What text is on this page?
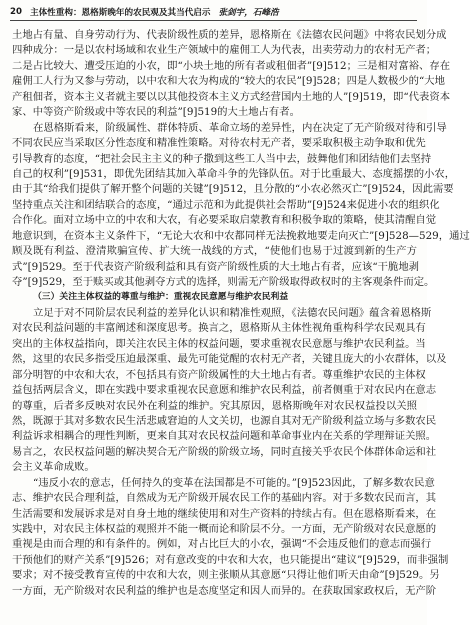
20 主体性重构：恩格斯晚年的农民观及其当代启示 张剑宇，石峰浩
土地占有量、自身劳动行为、代表阶级性质的差异，恩格斯在《法德农民问题》中将农民划分成
四种成分：一是以农村场域和农业生产领域中的雇佣工人为代表，出卖劳动力的农村无产者；
二是占比较大、遭受压迫的小农，即“小块土地的所有者或租佃者”[9]512；三是相对富裕、存在
雇佣工人行为又参与劳动，以中农和大农为构成的“较大的农民”[9]528；四是人数极少的“大地
产租佃者，资本主义者就主要以以其他投资本主义方式经营国内土地的人”[9]519，即“代表资本
家、中等资产阶级或中等农民的利益”[9]519的大土地占有者。
在恩格斯看来，阶级属性、群体特质、革命立场的差异性，内在决定了无产阶级对待和引导
不同农民应当采取区分性态度和精准性策略。对待农村无产者，要采取积极主动争取和优先
引导教育的态度，“把社会民主主义的种子撒到这些工人当中去，鼓舞他们和团结他们去坚持
自己的权利”[9]531，即优先团结其加入革命斗争的先锋队伍。对于比重最大、态度摇摆的小农，
由于其“给我们提供了解开整个问题的关键”[9]512，且分散的“小农必然灭亡”[9]524，因此需要
坚持重点关注和团结联合的态度，“通过示范和为此提供社会帮助”[9]524来促进小农的组织化
合作化。面对立场中立的中农和大农，有必要采取启蒙教育和积极争取的策略，使其清醒自觉
地意识到，在资本主义条件下，“无论大农和中农都同样无法挽救地要走向灭亡”[9]528—529，通过
顾及既有利益、澄清欺骗宣传、扩大统一战线的方式，“使他们也易于过渡到新的生产方
式”[9]529。至于代表资产阶级利益和具有资产阶级性质的大土地占有者，应该“干脆地剥
夺”[9]529，至于赎买或其他剥夺方式的选择，则需无产阶级取得政权时的主客观条件而定。
（三）关注主体权益的尊重与维护：重视农民意愿与维护农民利益
立足于对不同阶层农民利益的差异化认识和精准性观照，《法德农民问题》蕴含着恩格斯
对农民利益问题的丰富阐述和深度思考。换言之，恩格斯从主体性视角重构科学农民观具有
突出的主体权益指向，即关注农民主体的权益问题，要求重视农民意愿与维护农民利益。当
然，这里的农民多指受压迫最深重、最先可能觉醒的农村无产者，关键且庞大的小农群体，以及
部分明智的中农和大农，不包括具有资产阶级属性的大土地占有者。尊重维护农民的主体权
益包括两层含义，即在实践中要求重视农民意愿和维护农民利益，前者侧重于对农民内在意志
的尊重，后者多反映对农民外在利益的维护。究其原因，恩格斯晚年对农民权益投以关照
然，既源于其对多数农民生活悲戚窘迫的人文关切，也源自其对无产阶级利益立场与多数农民
利益诉求相耦合的理性判断，更来自其对农民权益问题和革命事业内在关系的学理辩证关照。
易言之，农民权益问题的解决契合无产阶级的阶级立场，同时直接关乎农民个体群体命运和社
会主义革命成败。
“违反小农的意志，任何持久的变革在法国都是不可能的。”[9]523因此，了解多数农民意
志、维护农民合理利益，自然成为无产阶级开展农民工作的基础内容。对于多数农民而言，其
生活需要和发展诉求是对自身土地的继续使用和对生产资料的持续占有。但在恩格斯看来，在
实践中，对农民主体权益的观照并不能一概而论和阶层不分。一方面，无产阶级对农民意愿的
重视是由而合理的和有条件的。例如，对占比巨大的小农，强调“不会违反他们的意志而强行
干预他们的财产关系”[9]526；对有意改变的中农和大农，也只能提出“建议”[9]529，而非强制
要求；对不接受教育宣传的中农和大农，则主张顺从其意愿“只得让他们听天由命”[9]529。另
一方面，无产阶级对农民利益的维护也是态度坚定和因人而异的。在获取国家政权后，无产阶
